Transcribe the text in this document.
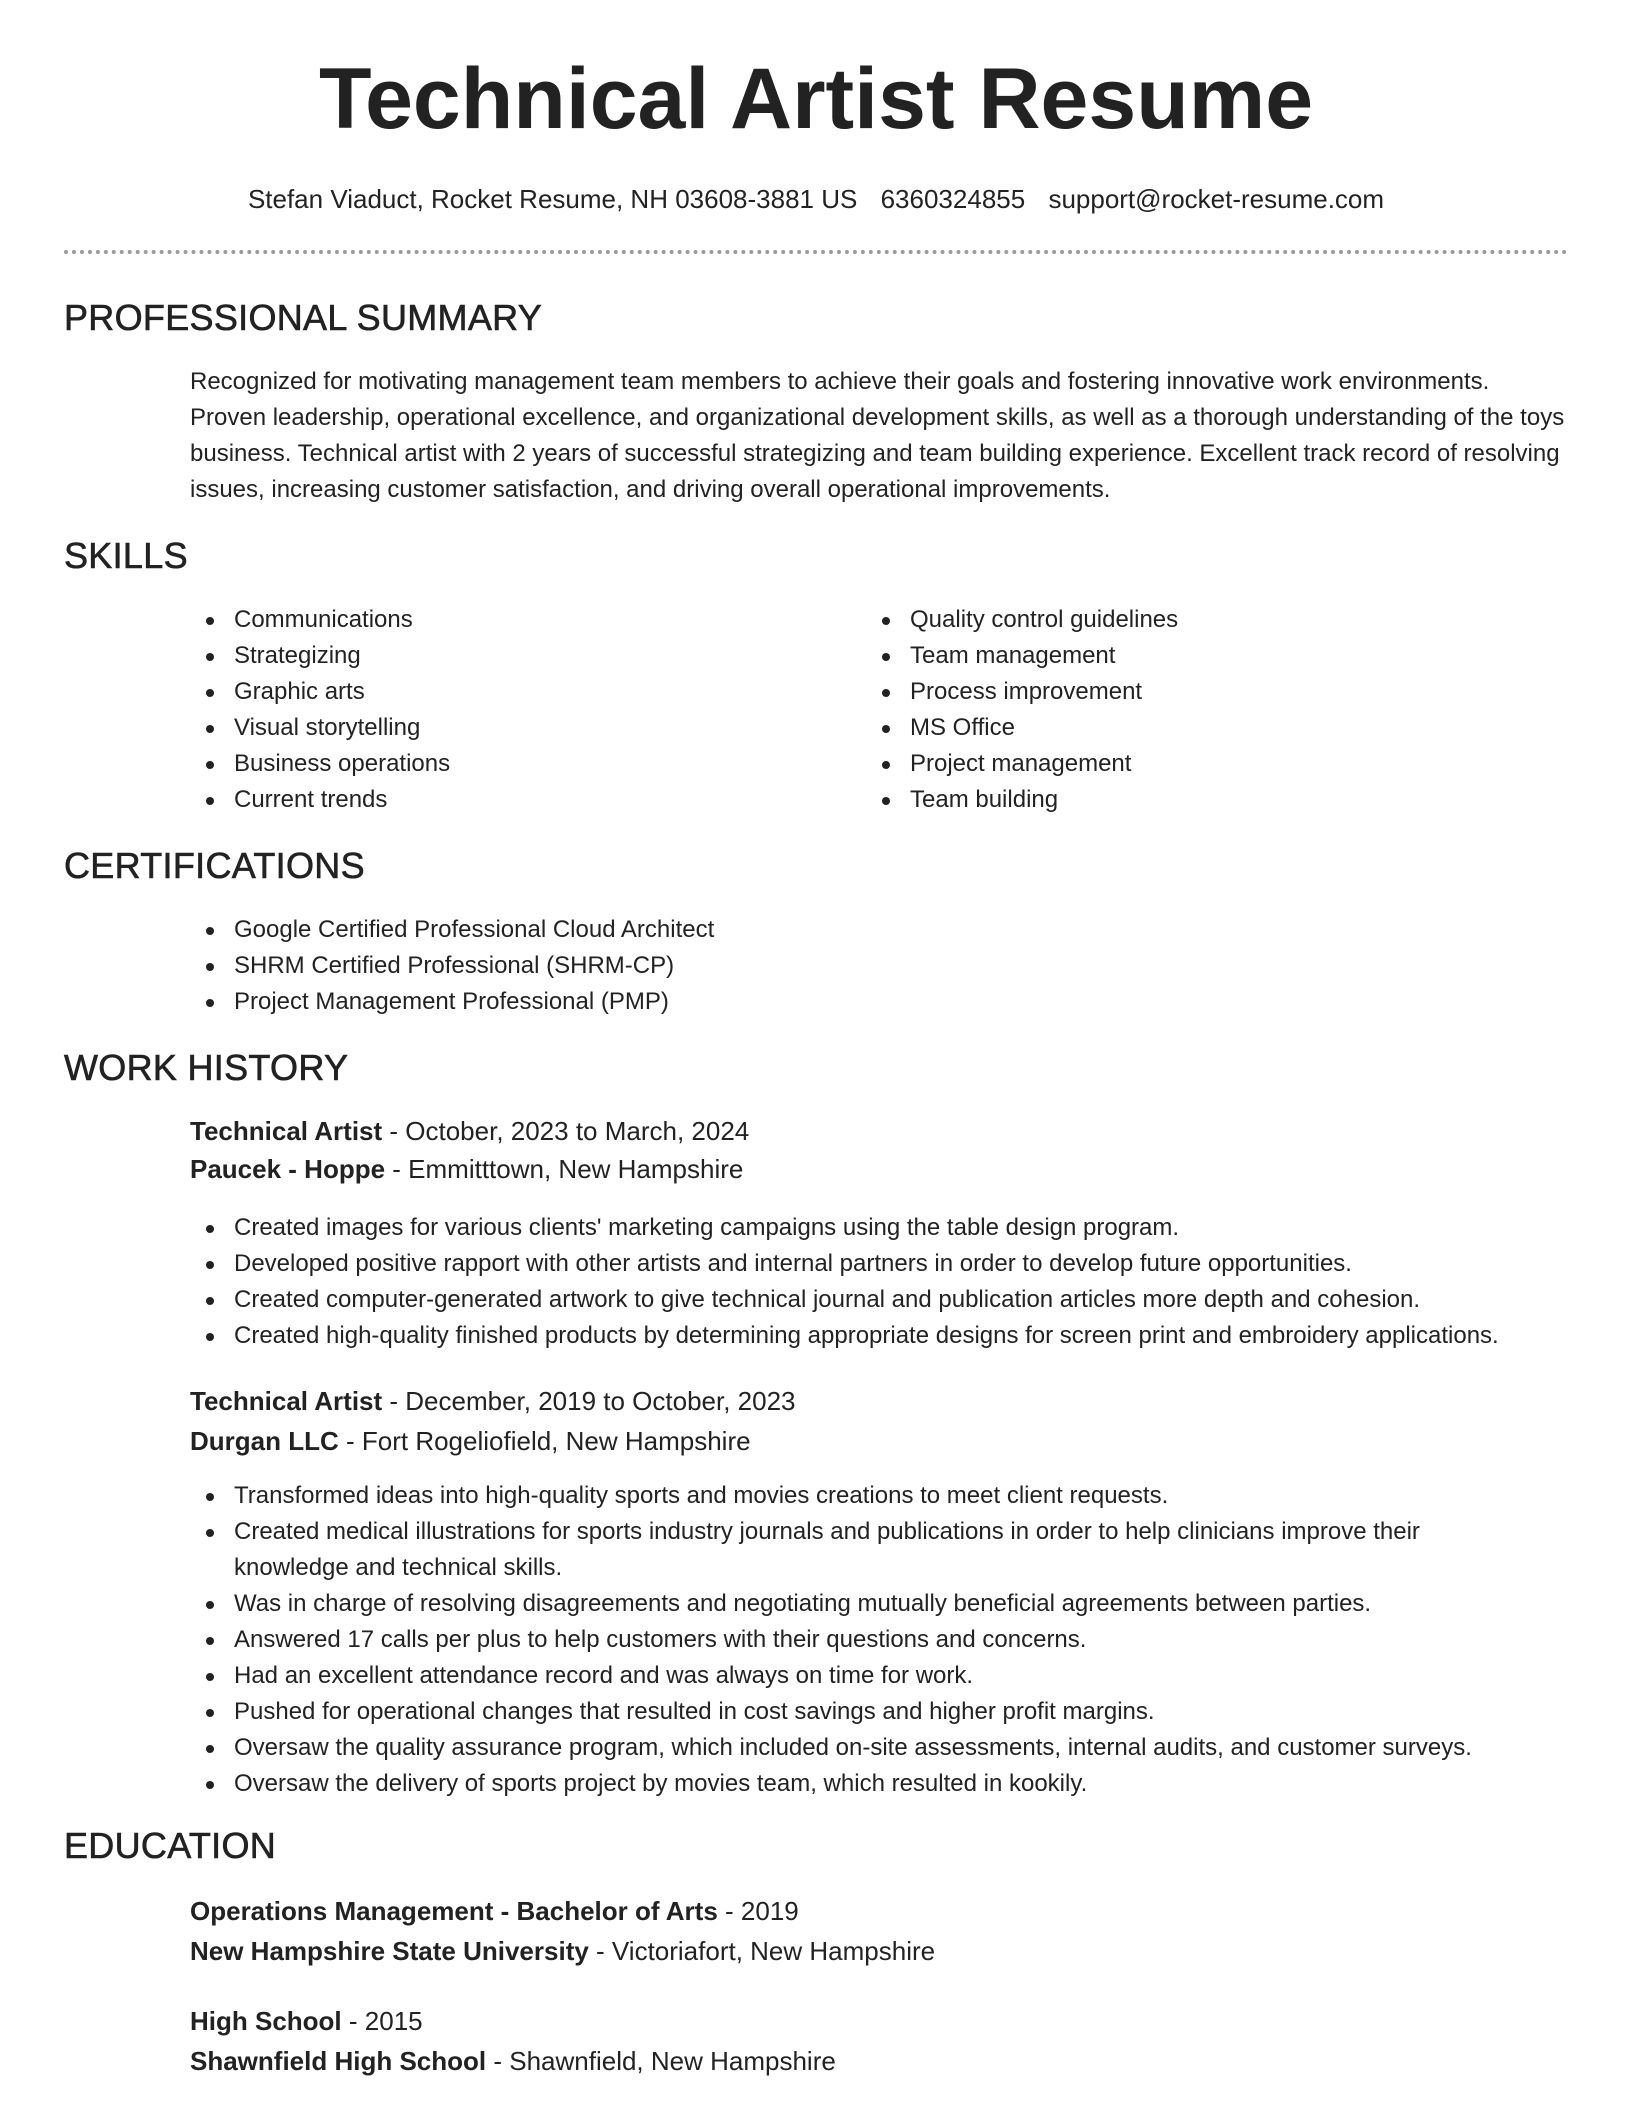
Technical Artist Resume
Stefan Viaduct, Rocket Resume, NH 03608-3881 US 6360324855 support@rocket-resume.com
PROFESSIONAL SUMMARY

Recognized for motivating management team members to achieve their goals and fostering innovative work environments. Proven leadership, operational excellence, and organizational development skills, as well as a thorough understanding of the toys business. Technical artist with 2 years of successful strategizing and team building experience. Excellent track record of resolving issues, increasing customer satisfaction, and driving overall operational improvements.

SKILLS
Communications
Strategizing
Graphic arts
Visual storytelling
Business operations
Current trends
Quality control guidelines
Team management
Process improvement
MS Office
Project management
Team building
CERTIFICATIONS
Google Certified Professional Cloud Architect
SHRM Certified Professional (SHRM-CP)
Project Management Professional (PMP)
WORK HISTORY
Technical Artist - October, 2023 to March, 2024
Paucek - Hoppe - Emmitttown, New Hampshire
Created images for various clients' marketing campaigns using the table design program.
Developed positive rapport with other artists and internal partners in order to develop future opportunities.
Created computer-generated artwork to give technical journal and publication articles more depth and cohesion.
Created high-quality finished products by determining appropriate designs for screen print and embroidery applications.
Technical Artist - December, 2019 to October, 2023
Durgan LLC - Fort Rogeliofield, New Hampshire
Transformed ideas into high-quality sports and movies creations to meet client requests.
Created medical illustrations for sports industry journals and publications in order to help clinicians improve their knowledge and technical skills.
Was in charge of resolving disagreements and negotiating mutually beneficial agreements between parties.
Answered 17 calls per plus to help customers with their questions and concerns.
Had an excellent attendance record and was always on time for work.
Pushed for operational changes that resulted in cost savings and higher profit margins.
Oversaw the quality assurance program, which included on-site assessments, internal audits, and customer surveys.
Oversaw the delivery of sports project by movies team, which resulted in kookily.
EDUCATION
Operations Management - Bachelor of Arts - 2019
New Hampshire State University - Victoriafort, New Hampshire
High School - 2015
Shawnfield High School - Shawnfield, New Hampshire
